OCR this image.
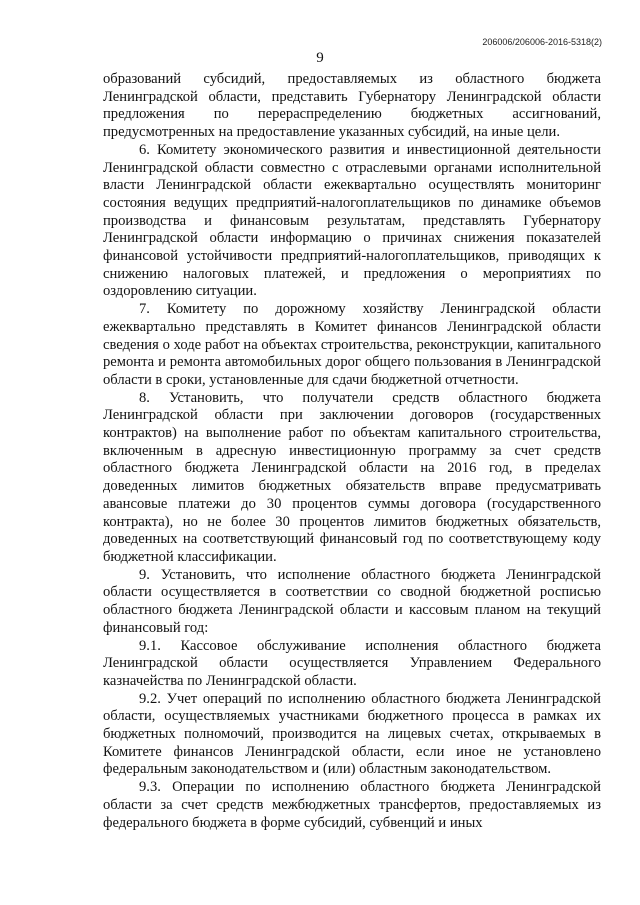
206006/206006-2016-5318(2)
9

образований субсидий, предоставляемых из областного бюджета Ленинградской области, представить Губернатору Ленинградской области предложения по перераспределению бюджетных ассигнований, предусмотренных на предоставление указанных субсидий, на иные цели.

6. Комитету экономического развития и инвестиционной деятельности Ленинградской области совместно с отраслевыми органами исполнительной власти Ленинградской области ежеквартально осуществлять мониторинг состояния ведущих предприятий-налогоплательщиков по динамике объемов производства и финансовым результатам, представлять Губернатору Ленинградской области информацию о причинах снижения показателей финансовой устойчивости предприятий-налогоплательщиков, приводящих к снижению налоговых платежей, и предложения о мероприятиях по оздоровлению ситуации.

7. Комитету по дорожному хозяйству Ленинградской области ежеквартально представлять в Комитет финансов Ленинградской области сведения о ходе работ на объектах строительства, реконструкции, капитального ремонта и ремонта автомобильных дорог общего пользования в Ленинградской области в сроки, установленные для сдачи бюджетной отчетности.

8. Установить, что получатели средств областного бюджета Ленинградской области при заключении договоров (государственных контрактов) на выполнение работ по объектам капитального строительства, включенным в адресную инвестиционную программу за счет средств областного бюджета Ленинградской области на 2016 год, в пределах доведенных лимитов бюджетных обязательств вправе предусматривать авансовые платежи до 30 процентов суммы договора (государственного контракта), но не более 30 процентов лимитов бюджетных обязательств, доведенных на соответствующий финансовый год по соответствующему коду бюджетной классификации.

9. Установить, что исполнение областного бюджета Ленинградской области осуществляется в соответствии со сводной бюджетной росписью областного бюджета Ленинградской области и кассовым планом на текущий финансовый год:

9.1. Кассовое обслуживание исполнения областного бюджета Ленинградской области осуществляется Управлением Федерального казначейства по Ленинградской области.

9.2. Учет операций по исполнению областного бюджета Ленинградской области, осуществляемых участниками бюджетного процесса в рамках их бюджетных полномочий, производится на лицевых счетах, открываемых в Комитете финансов Ленинградской области, если иное не установлено федеральным законодательством и (или) областным законодательством.

9.3. Операции по исполнению областного бюджета Ленинградской области за счет средств межбюджетных трансфертов, предоставляемых из федерального бюджета в форме субсидий, субвенций и иных
